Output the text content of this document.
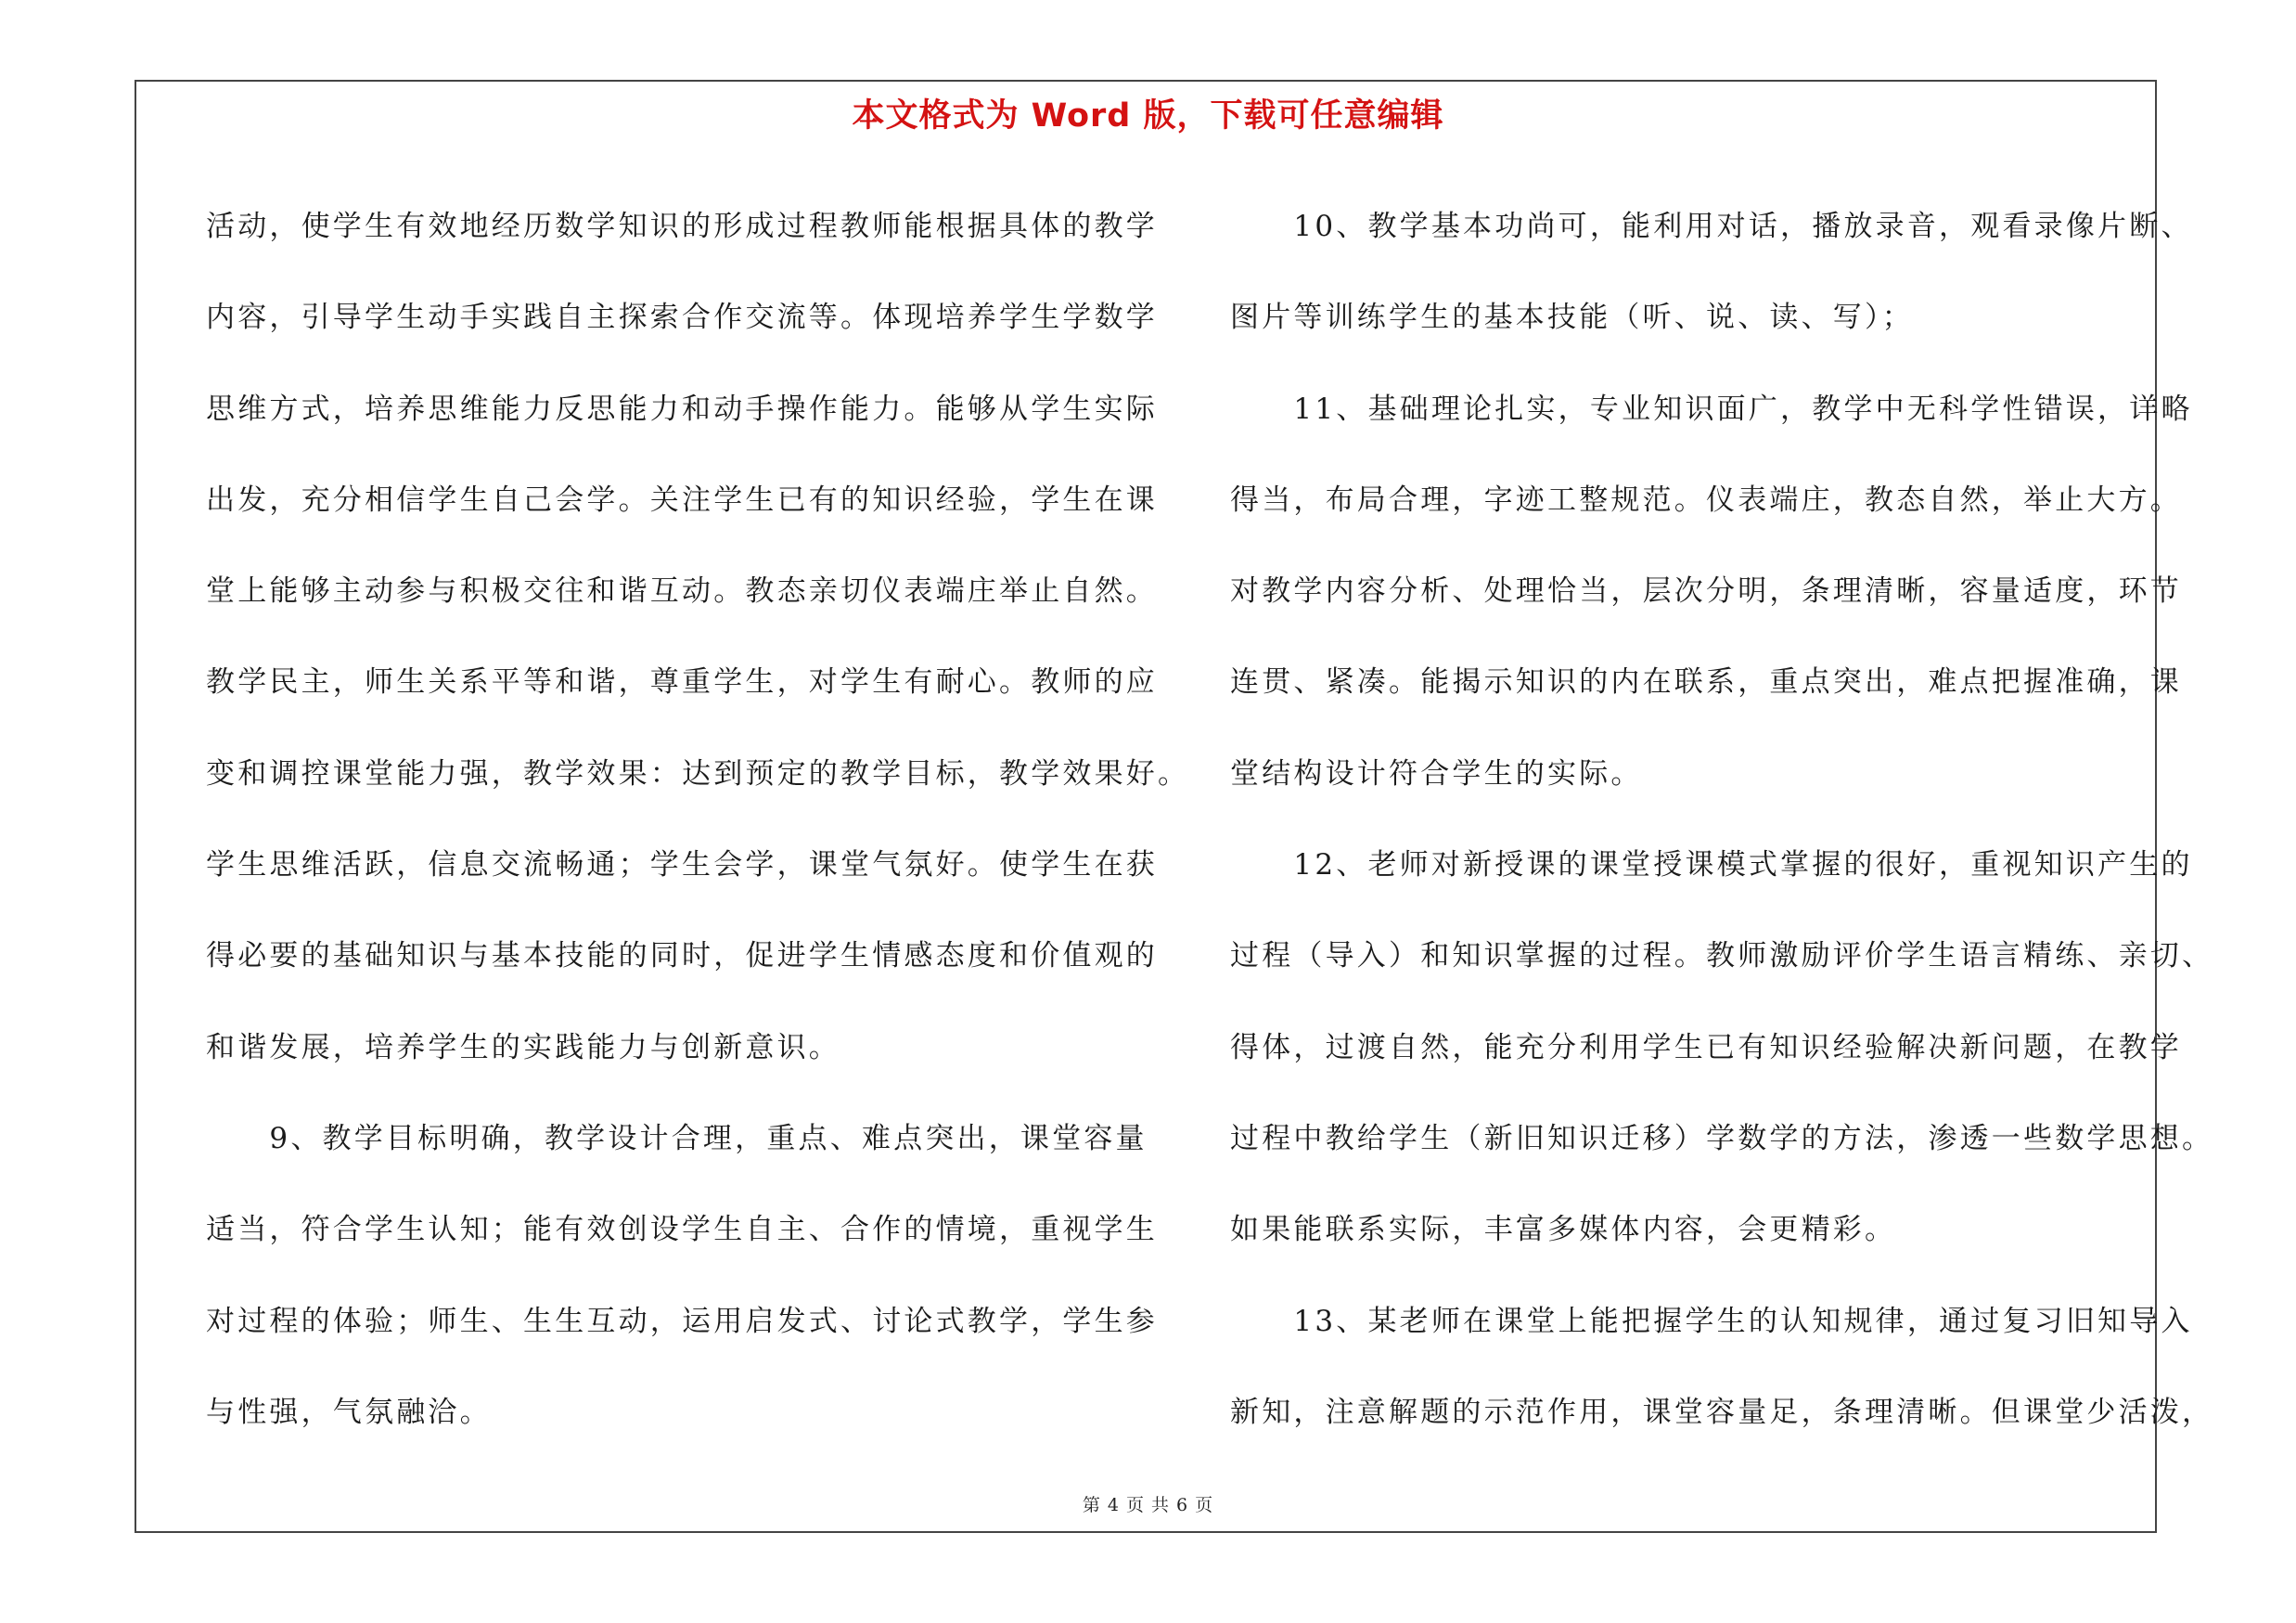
本文格式为 Word 版，下载可任意编辑
活动，使学生有效地经历数学知识的形成过程教师能根据具体的教学
内容，引导学生动手实践自主探索合作交流等。体现培养学生学数学
思维方式，培养思维能力反思能力和动手操作能力。能够从学生实际
出发，充分相信学生自己会学。关注学生已有的知识经验，学生在课
堂上能够主动参与积极交往和谐互动。教态亲切仪表端庄举止自然。
教学民主，师生关系平等和谐，尊重学生，对学生有耐心。教师的应
变和调控课堂能力强，教学效果：达到预定的教学目标，教学效果好。
学生思维活跃，信息交流畅通；学生会学，课堂气氛好。使学生在获
得必要的基础知识与基本技能的同时，促进学生情感态度和价值观的
和谐发展，培养学生的实践能力与创新意识。
　　9、教学目标明确，教学设计合理，重点、难点突出，课堂容量
适当，符合学生认知；能有效创设学生自主、合作的情境，重视学生
对过程的体验；师生、生生互动，运用启发式、讨论式教学，学生参
与性强，气氛融洽。
　　10、教学基本功尚可，能利用对话，播放录音，观看录像片断、
图片等训练学生的基本技能（听、说、读、写）；
　　11、基础理论扎实，专业知识面广，教学中无科学性错误，详略
得当，布局合理，字迹工整规范。仪表端庄，教态自然，举止大方。
对教学内容分析、处理恰当，层次分明，条理清晰，容量适度，环节
连贯、紧凑。能揭示知识的内在联系，重点突出，难点把握准确，课
堂结构设计符合学生的实际。
　　12、老师对新授课的课堂授课模式掌握的很好，重视知识产生的
过程（导入）和知识掌握的过程。教师激励评价学生语言精练、亲切、
得体，过渡自然，能充分利用学生已有知识经验解决新问题，在教学
过程中教给学生（新旧知识迁移）学数学的方法，渗透一些数学思想。
如果能联系实际，丰富多媒体内容，会更精彩。
　　13、某老师在课堂上能把握学生的认知规律，通过复习旧知导入
新知，注意解题的示范作用，课堂容量足，条理清晰。但课堂少活泼，
第 4 页 共 6 页
